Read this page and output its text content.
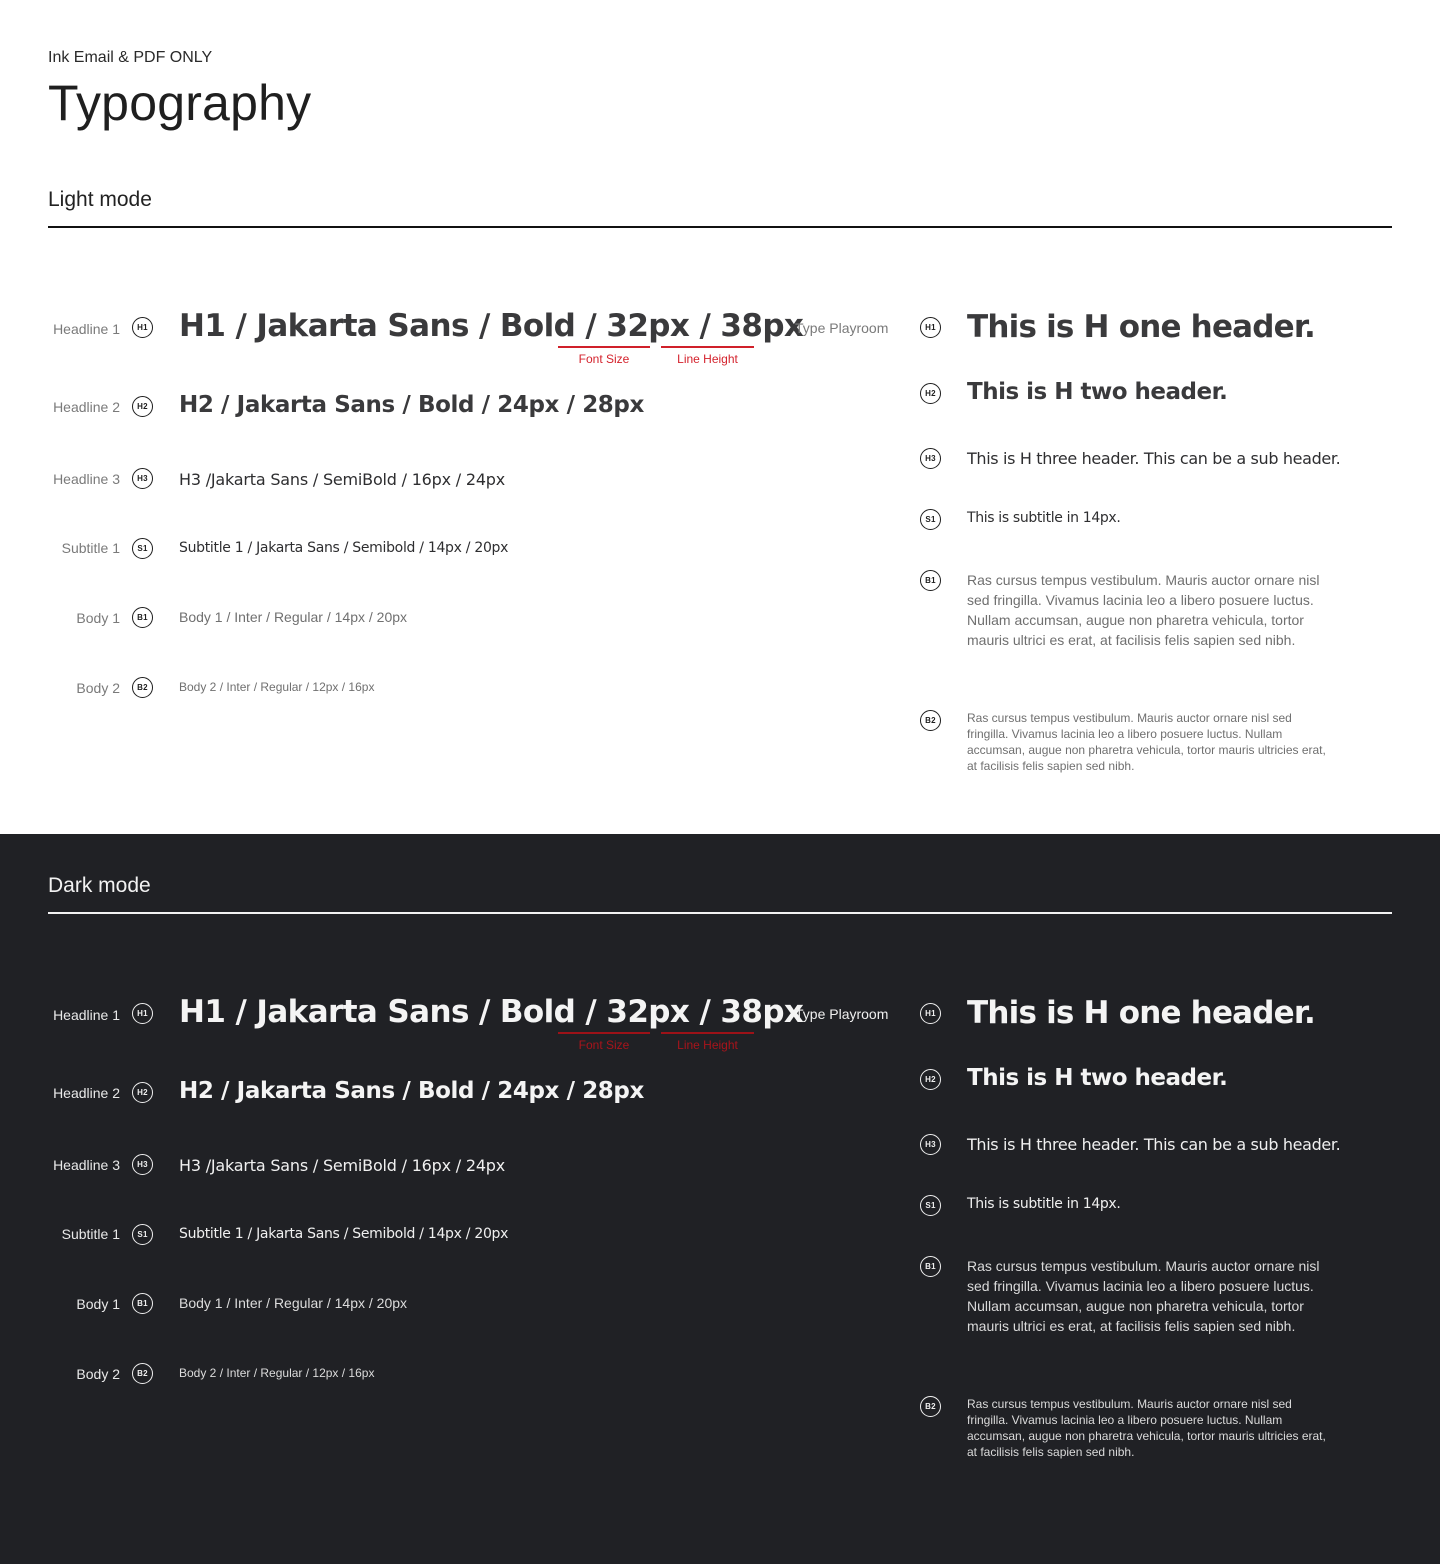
Ink Email & PDF ONLY
Typography
Light mode
Headline 1	H1 H1 / Jakarta Sans / Bold / 32px / 38px
Font Size	Line Height
Type Playroom
Headline 2	H2 H2 / Jakarta Sans / Bold / 24px / 28px
Headline 3	H3	H3 /Jakarta Sans / SemiBold / 16px / 24px
Subtitle 1	S1	Subtitle 1 / Jakarta Sans / Semibold / 14px / 20px
Body 1	B1	Body 1 / Inter / Regular / 14px / 20px
Body 2	B2	Body 2 / Inter / Regular / 12px / 16px
H1 This is H one header.
H2 This is H two header.
H3	This is H three header. This can be a sub header.
S1	This is subtitle in 14px.
B1	Ras cursus tempus vestibulum. Mauris auctor ornare nisl sed fringilla. Vivamus lacinia leo a libero posuere luctus. Nullam accumsan, augue non pharetra vehicula, tortor mauris ultrici es erat, at facilisis felis sapien sed nibh.
B2	Ras cursus tempus vestibulum. Mauris auctor ornare nisl sed fringilla. Vivamus lacinia leo a libero posuere luctus. Nullam accumsan, augue non pharetra vehicula, tortor mauris ultricies erat, at facilisis felis sapien sed nibh.
Dark mode
Headline 1	H1 H1 / Jakarta Sans / Bold / 32px / 38px
Font Size	Line Height
Type Playroom
Headline 2	H2 H2 / Jakarta Sans / Bold / 24px / 28px
Headline 3	H3	H3 /Jakarta Sans / SemiBold / 16px / 24px
Subtitle 1	S1	Subtitle 1 / Jakarta Sans / Semibold / 14px / 20px
Body 1	B1	Body 1 / Inter / Regular / 14px / 20px
Body 2	B2	Body 2 / Inter / Regular / 12px / 16px
H1 This is H one header.
H2 This is H two header.
H3	This is H three header. This can be a sub header.
S1	This is subtitle in 14px.
B1	Ras cursus tempus vestibulum. Mauris auctor ornare nisl sed fringilla. Vivamus lacinia leo a libero posuere luctus. Nullam accumsan, augue non pharetra vehicula, tortor mauris ultrici es erat, at facilisis felis sapien sed nibh.
B2	Ras cursus tempus vestibulum. Mauris auctor ornare nisl sed fringilla. Vivamus lacinia leo a libero posuere luctus. Nullam accumsan, augue non pharetra vehicula, tortor mauris ultricies erat, at facilisis felis sapien sed nibh.
